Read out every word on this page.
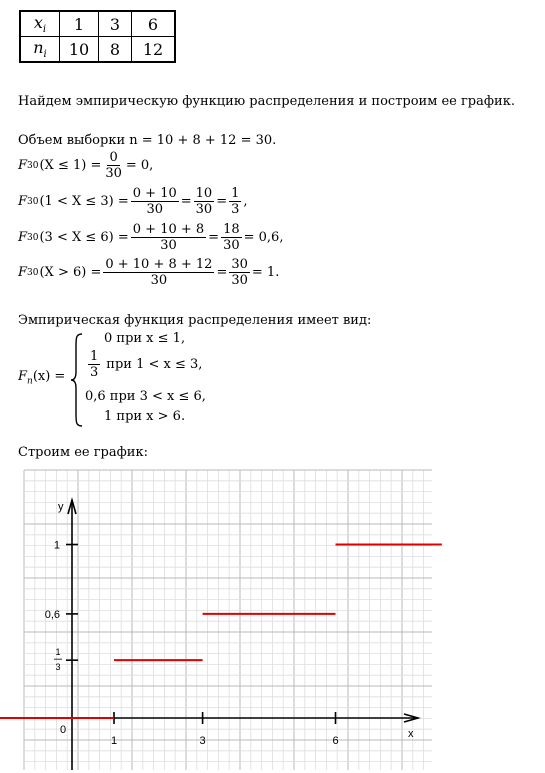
$x_i$	1	3	6
$n_i$	10	8	12
Найдем эмпирическую функцию распределения и построим ее график.
Объем выборки n = 10 + 8 + 12 = 30.
F 30 $(X \le 1) = \frac{0}{30} = 0$,
F 30 $(1 < X \le 3) = \frac{0 + 10}{30} = \frac{10}{30} = \frac{1}{3}$ ,
F 30 $(3 < X \le 6) = \frac{0 + 10 + 8}{30} = \frac{18}{30} = 0,6$,
F 30 $(X > 6) = \frac{0 + 10 + 8 + 12}{30} = \frac{30}{30} = 1$.
Эмпирическая функция распределения имеет вид:
$F_n(x)$ =
0 при x ≤ 1,
1
3
при 1 < x ≤ 3,
0,6 при 3 < x ≤ 6,
1 при x > 6.
Строим ее график:
y
x
0
1	3	6
1
3
0,6
1
